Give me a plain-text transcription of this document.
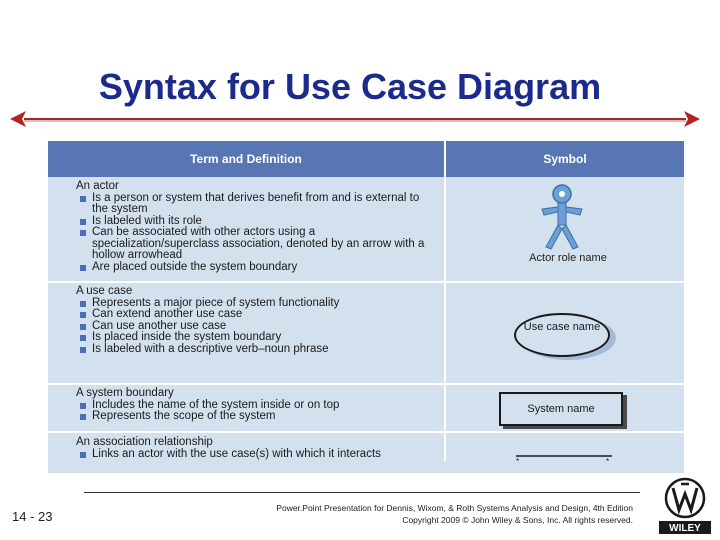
Syntax for Use Case Diagram
Term and Definition	Symbol
An actor
Is a person or system that derives benefit from and is external to the system
Is labeled with its role
Can be associated with other actors using a specialization/superclass association, denoted by an arrow with a hollow arrowhead
Are placed outside the system boundary
Actor role name
A use case
Represents a major piece of system functionality
Can extend another use case
Can use another use case
Is placed inside the system boundary
Is labeled with a descriptive verb–noun phrase
Use case name
A system boundary
Includes the name of the system inside or on top
Represents the scope of the system
System name
An association relationship
Links an actor with the use case(s) with which it interacts
*	*
14 - 23
Power.Point Presentation for Dennis, Wixom, & Roth Systems Analysis and Design, 4th Edition
Copyright 2009 © John Wiley & Sons, Inc. All rights reserved.
WILEY
